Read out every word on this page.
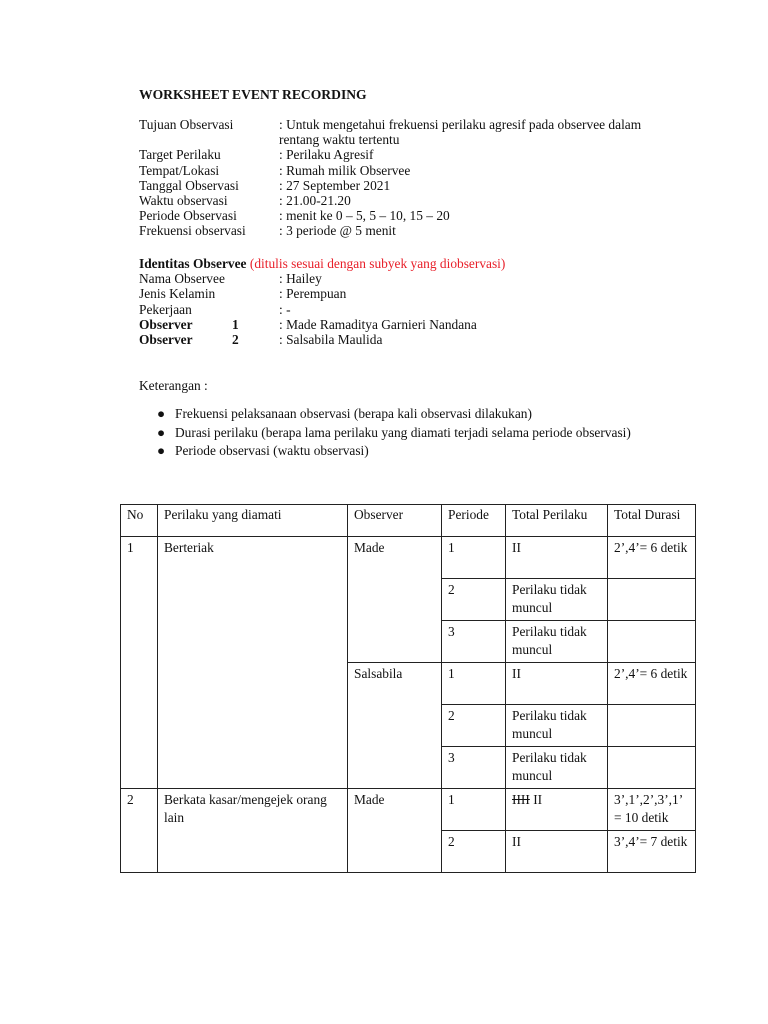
WORKSHEET EVENT RECORDING
Tujuan Observasi	: Untuk mengetahui frekuensi perilaku agresif pada observee dalam
rentang waktu tertentu
Target Perilaku	: Perilaku Agresif
Tempat/Lokasi	: Rumah milik Observee
Tanggal Observasi	: 27 September 2021
Waktu observasi	: 21.00-21.20
Periode Observasi	: menit ke 0 – 5, 5 – 10, 15 – 20
Frekuensi observasi	: 3 periode @ 5 menit
Identitas Observee
(ditulis sesuai dengan subyek yang diobservasi)
Nama Observee	: Hailey
Jenis Kelamin	: Perempuan
Pekerjaan	: -
Observer	1	: Made Ramaditya Garnieri Nandana
Observer	2	: Salsabila Maulida
Keterangan :
● Frekuensi pelaksanaan observasi (berapa kali observasi dilakukan)
● Durasi perilaku (berapa lama perilaku yang diamati terjadi selama periode observasi)
● Periode observasi (waktu observasi)
No	Perilaku yang diamati	Observer	Periode	Total Perilaku	Total Durasi
1	Berteriak	Made	1	II	2’,4’= 6 detik
			2	Perilaku tidak muncul	
			3	Perilaku tidak muncul	
		Salsabila	1	II	2’,4’= 6 detik
			2	Perilaku tidak muncul	
			3	Perilaku tidak muncul	
2	Berkata kasar/mengejek orang lain	Made	1	IIII II	3’,1’,2’,3’,1’ = 10 detik
			2	II	3’,4’= 7 detik
